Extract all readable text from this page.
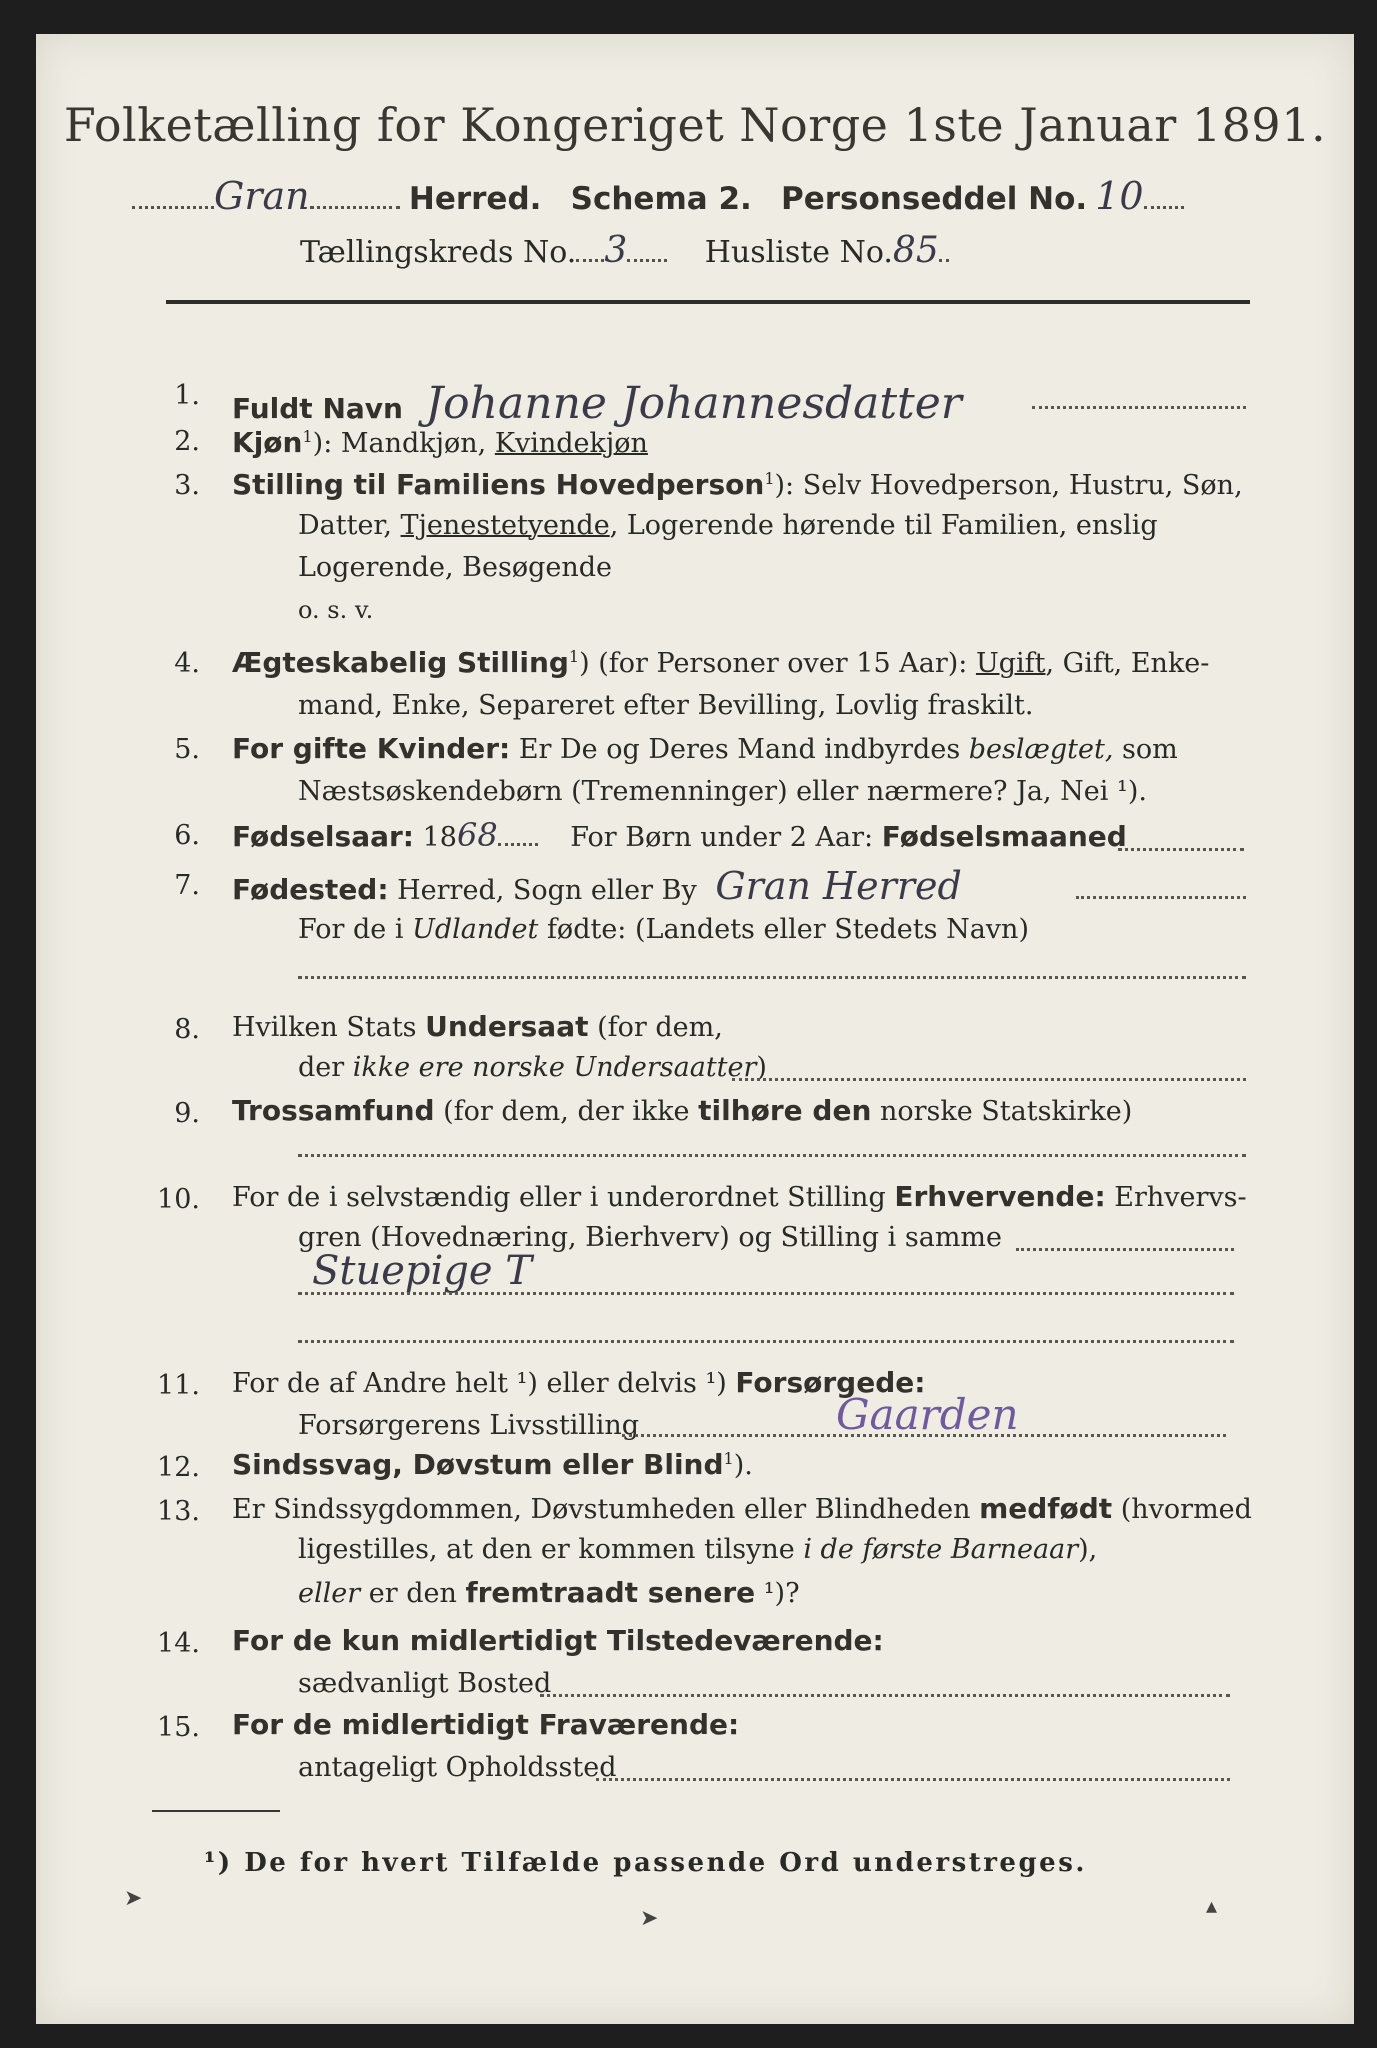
Folketælling for Kongeriget Norge 1ste Januar 1891.
Gran	Herred. Schema 2. Personseddel No. 10
Tællingskreds No. 3	Husliste No.85
1. Fuldt Navn Johanne Johannesdatter
2. Kjøn$^1$): Mandkjøn, Kvindekjøn
3. Stilling til Familiens Hovedperson$^1$): Selv Hovedperson, Hustru, Søn,
Datter, Tjenestetyende, Logerende hørende til Familien, enslig
Logerende, Besøgende
o. s. v.
4. Ægteskabelig Stilling$^1$) (for Personer over 15 Aar): Ugift, Gift, Enke-
mand, Enke, Separeret efter Bevilling, Lovlig fraskilt.
5. For gifte Kvinder: Er De og Deres Mand indbyrdes beslægtet, som
Næstsøskendebørn (Tremenninger) eller nærmere? Ja, Nei ¹).
6. Fødselsaar: 1868	For Børn under 2 Aar: Fødselsmaaned
7. Fødested: Herred, Sogn eller By Gran Herred
For de i Udlandet fødte: (Landets eller Stedets Navn)
8. Hvilken Stats Undersaat (for dem,
der ikke ere norske Undersaatter)
9. Trossamfund (for dem, der ikke tilhøre den norske Statskirke)
10. For de i selvstændig eller i underordnet Stilling Erhvervende: Erhvervs-
gren (Hovednæring, Bierhverv) og Stilling i samme
Stuepige T
11. For de af Andre helt ¹) eller delvis ¹) Forsørgede:
Forsørgerens Livsstilling	Gaarden
12. Sindssvag, Døvstum eller Blind$^1$).
13. Er Sindssygdommen, Døvstumheden eller Blindheden medfødt (hvormed
ligestilles, at den er kommen tilsyne i de første Barneaar),
eller er den fremtraadt senere ¹)?
14. For de kun midlertidigt Tilstedeværende:
sædvanligt Bosted
15. For de midlertidigt Fraværende:
antageligt Opholdssted
¹) De for hvert Tilfælde passende Ord understreges.
➤
➤	▴
